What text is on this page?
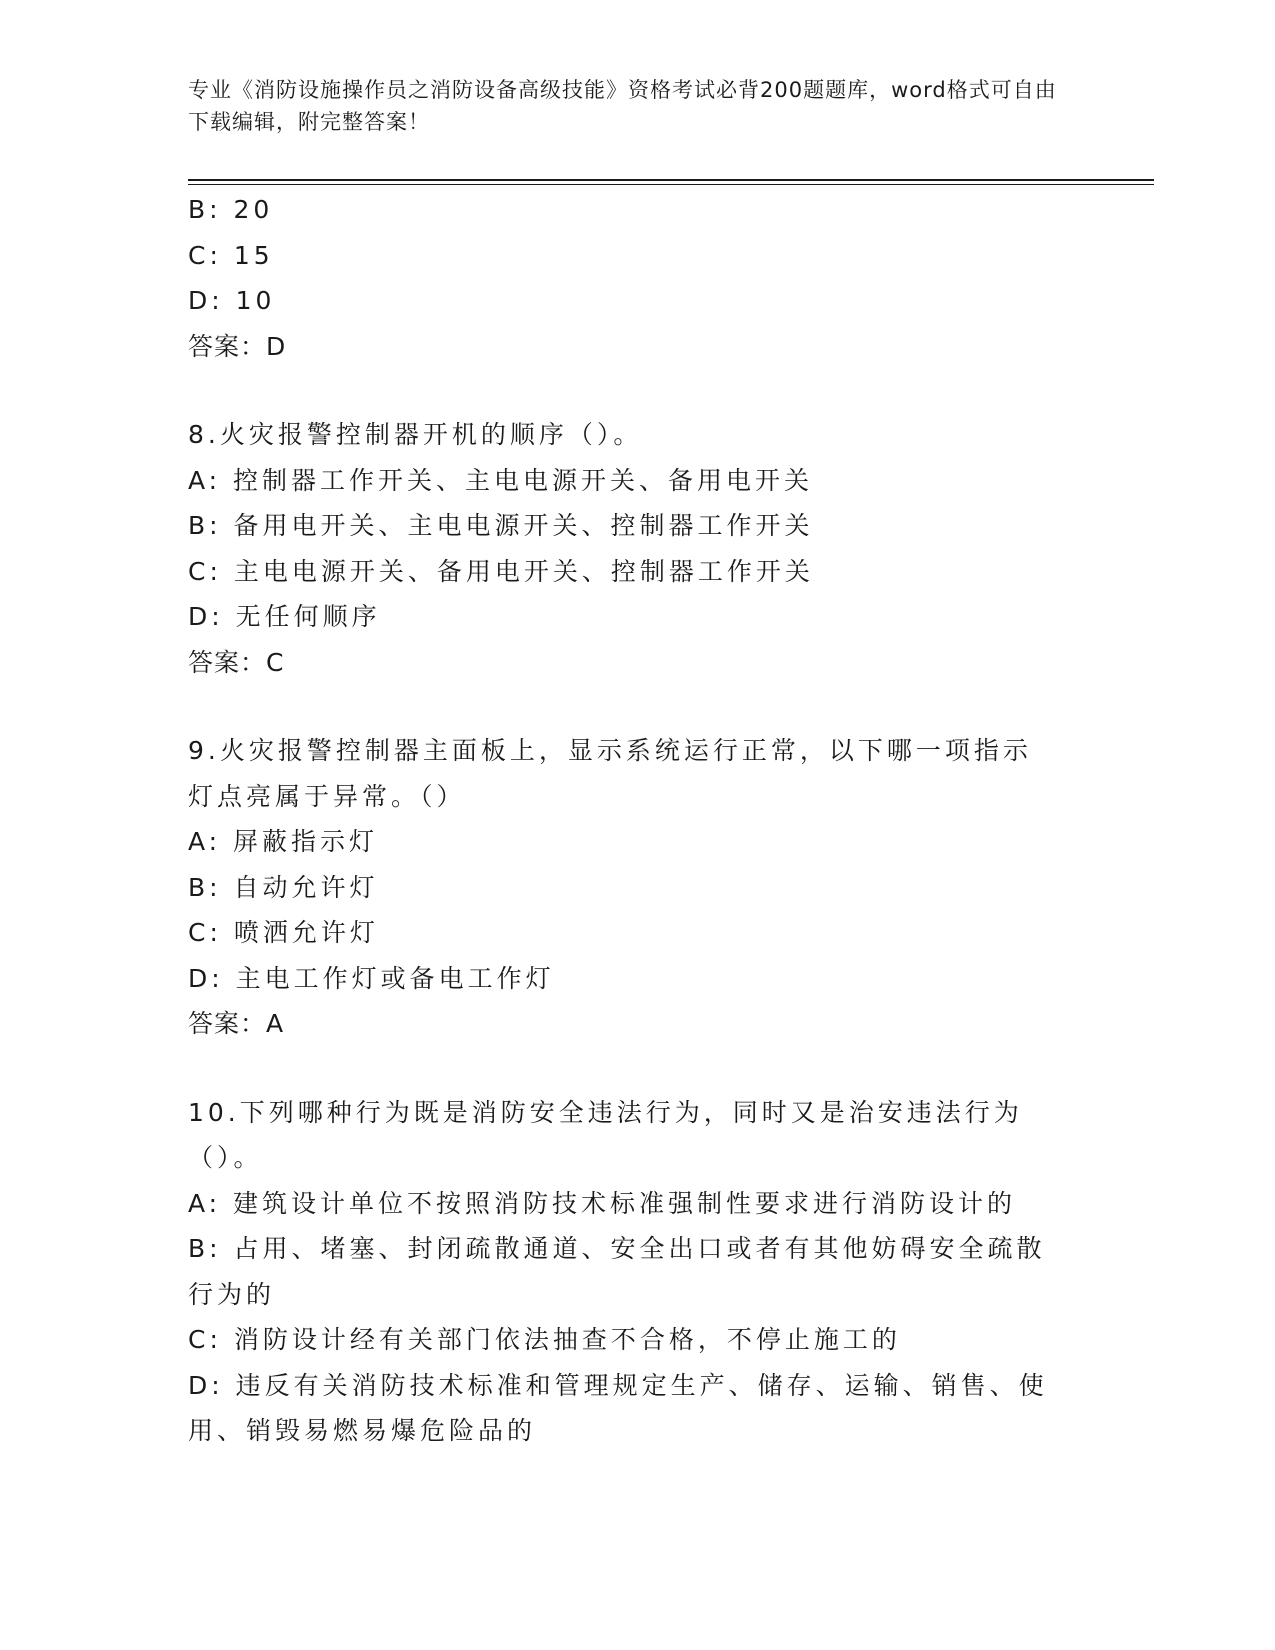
专业《消防设施操作员之消防设备高级技能》资格考试必背200题题库，word格式可自由下载编辑，附完整答案！
B: 20
C: 15
D: 10
答案：D
8.火灾报警控制器开机的顺序（）。
A: 控制器工作开关、主电电源开关、备用电开关
B: 备用电开关、主电电源开关、控制器工作开关
C: 主电电源开关、备用电开关、控制器工作开关
D: 无任何顺序
答案：C
9.火灾报警控制器主面板上，显示系统运行正常，以下哪一项指示灯点亮属于异常。（）
A: 屏蔽指示灯
B: 自动允许灯
C: 喷洒允许灯
D: 主电工作灯或备电工作灯
答案：A
10.下列哪种行为既是消防安全违法行为，同时又是治安违法行为（）。
A: 建筑设计单位不按照消防技术标准强制性要求进行消防设计的
B: 占用、堵塞、封闭疏散通道、安全出口或者有其他妨碍安全疏散行为的
C: 消防设计经有关部门依法抽查不合格，不停止施工的
D: 违反有关消防技术标准和管理规定生产、储存、运输、销售、使用、销毁易燃易爆危险品的
